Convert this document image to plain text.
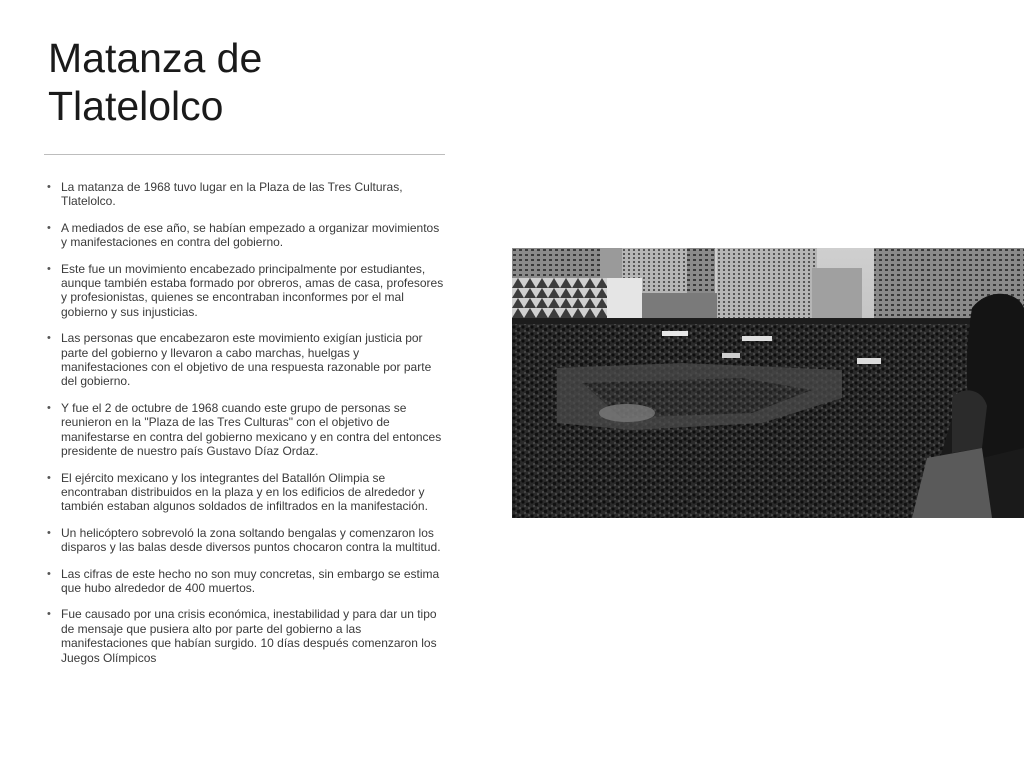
Matanza de
Tlatelolco
• La matanza de 1968 tuvo lugar en la Plaza de las Tres Culturas, Tlatelolco.
• A mediados de ese año, se habían empezado a organizar movimientos y manifestaciones en contra del gobierno.
• Este fue un movimiento encabezado principalmente por estudiantes, aunque también estaba formado por obreros, amas de casa, profesores y profesionistas, quienes se encontraban inconformes por el mal gobierno y sus injusticias.
• Las personas que encabezaron este movimiento exigían justicia por parte del gobierno y llevaron a cabo marchas, huelgas y manifestaciones con el objetivo de una respuesta razonable por parte del gobierno.
• Y fue el 2 de octubre de 1968 cuando este grupo de personas se reunieron en la "Plaza de las Tres Culturas" con el objetivo de manifestarse en contra del gobierno mexicano y en contra del entonces presidente de nuestro país Gustavo Díaz Ordaz.
• El ejército mexicano y los integrantes del Batallón Olimpia se encontraban distribuidos en la plaza y en los edificios de alrededor y también estaban algunos soldados de infiltrados en la manifestación.
• Un helicóptero sobrevoló la zona soltando bengalas y comenzaron los disparos y las balas desde diversos puntos chocaron contra la multitud.
• Las cifras de este hecho no son muy concretas, sin embargo se estima que hubo alrededor de 400 muertos.
• Fue causado por una crisis económica, inestabilidad y para dar un tipo de mensaje que pusiera alto por parte del gobierno a las manifestaciones que habían surgido. 10 días después comenzaron los Juegos Olímpicos
